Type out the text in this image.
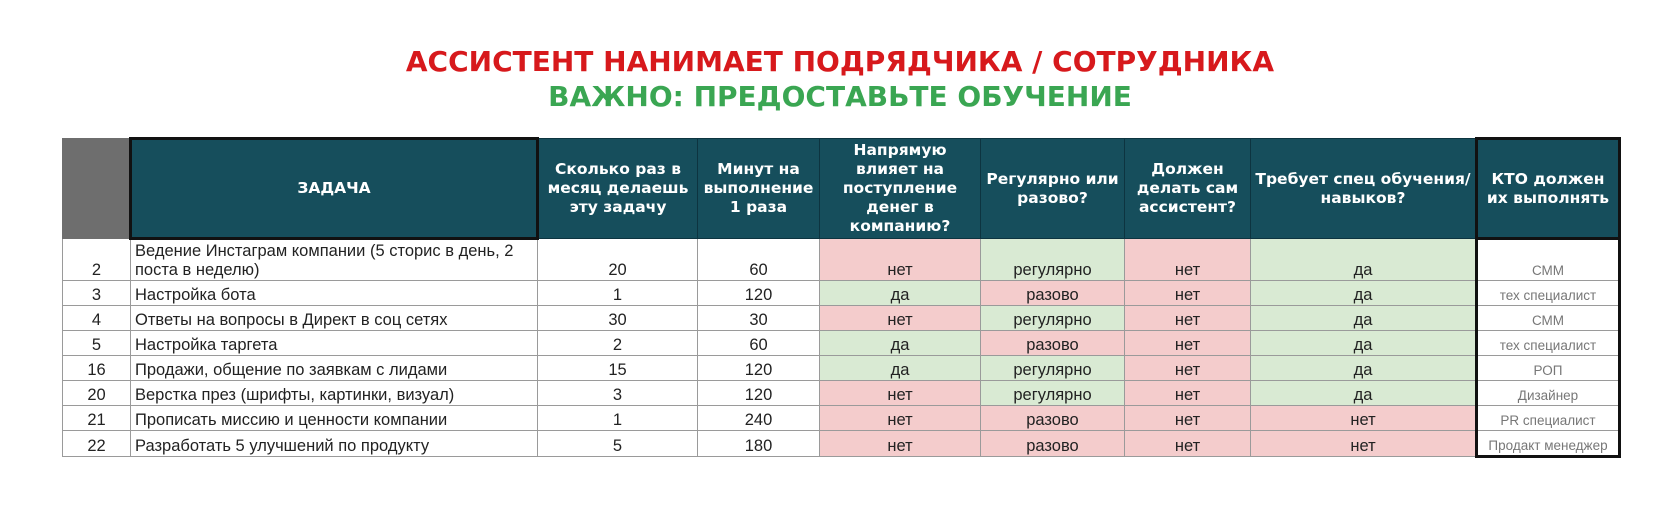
АССИСТЕНТ НАНИМАЕТ ПОДРЯДЧИКА / СОТРУДНИКА
ВАЖНО: ПРЕДОСТАВЬТЕ ОБУЧЕНИЕ
	ЗАДАЧА	Сколько раз в месяц делаешь эту задачу	Минут на выполнение 1 раза	Напрямую влияет на поступление денег в компанию?	Регулярно или разово?	Должен делать сам ассистент?	Требует спец обучения/ навыков?	КТО должен их выполнять
2	Ведение Инстаграм компании (5 сторис в день, 2 поста в неделю)	20	60	нет	регулярно	нет	да	СММ
3	Настройка бота	1	120	да	разово	нет	да	тех специалист
4	Ответы на вопросы в Директ в соц сетях	30	30	нет	регулярно	нет	да	СММ
5	Настройка таргета	2	60	да	разово	нет	да	тех специалист
16	Продажи, общение по заявкам с лидами	15	120	да	регулярно	нет	да	РОП
20	Верстка през (шрифты, картинки, визуал)	3	120	нет	регулярно	нет	да	Дизайнер
21	Прописать миссию и ценности компании	1	240	нет	разово	нет	нет	PR специалист
22	Разработать 5 улучшений по продукту	5	180	нет	разово	нет	нет	Продакт менеджер
